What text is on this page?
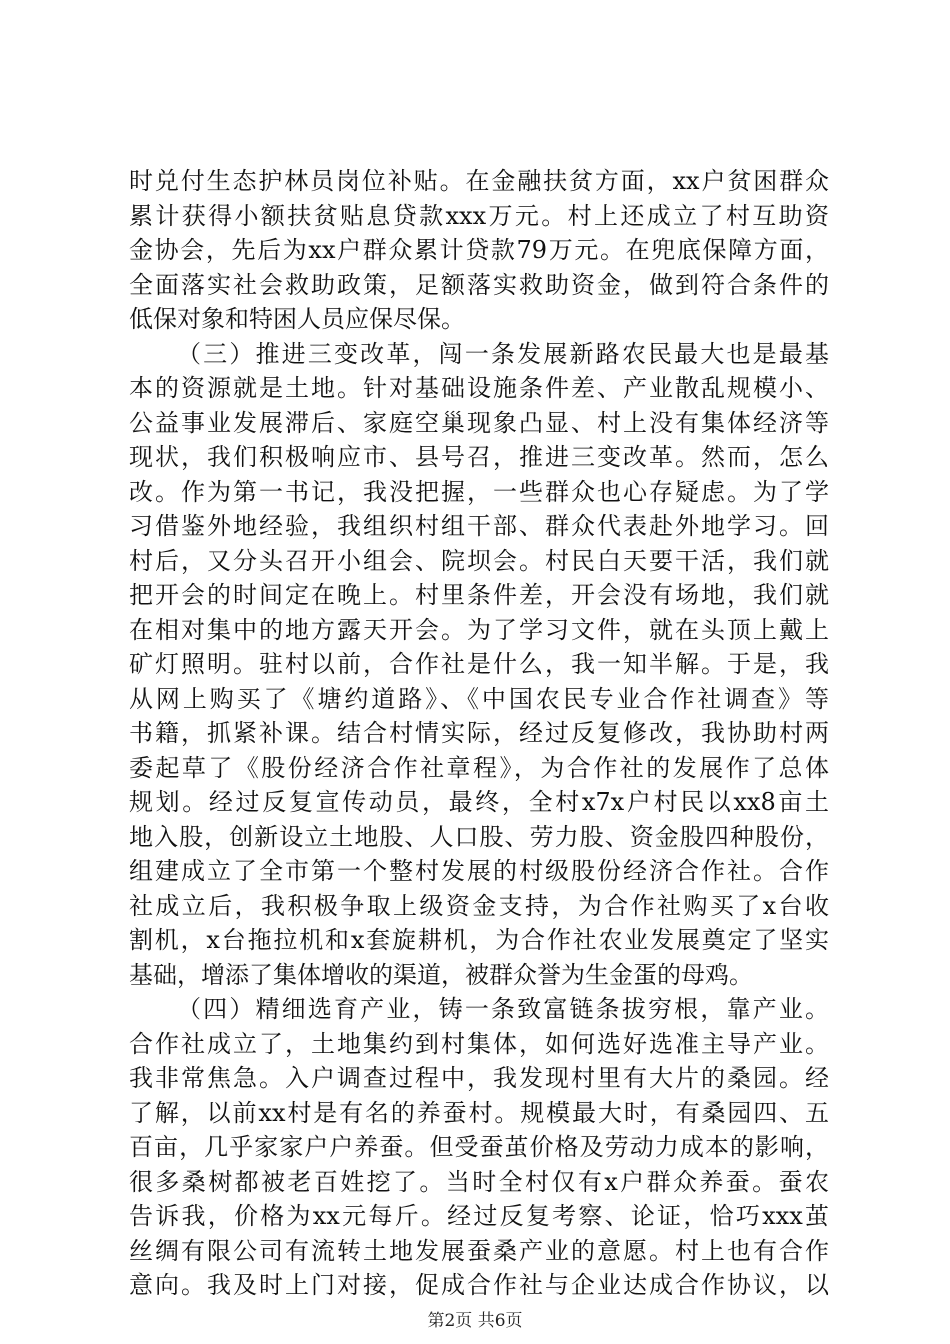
时兑付生态护林员岗位补贴。在金融扶贫方面，xx户贫困群众
累计获得小额扶贫贴息贷款xxx万元。村上还成立了村互助资
金协会，先后为xx户群众累计贷款79万元。在兜底保障方面，
全面落实社会救助政策，足额落实救助资金，做到符合条件的
低保对象和特困人员应保尽保。
（三）推进三变改革，闯一条发展新路农民最大也是最基
本的资源就是土地。针对基础设施条件差、产业散乱规模小、
公益事业发展滞后、家庭空巢现象凸显、村上没有集体经济等
现状，我们积极响应市、县号召，推进三变改革。然而，怎么
改。作为第一书记，我没把握，一些群众也心存疑虑。为了学
习借鉴外地经验，我组织村组干部、群众代表赴外地学习。回
村后，又分头召开小组会、院坝会。村民白天要干活，我们就
把开会的时间定在晚上。村里条件差，开会没有场地，我们就
在相对集中的地方露天开会。为了学习文件，就在头顶上戴上
矿灯照明。驻村以前，合作社是什么，我一知半解。于是，我
从网上购买了《塘约道路》、《中国农民专业合作社调查》等
书籍，抓紧补课。结合村情实际，经过反复修改，我协助村两
委起草了《股份经济合作社章程》，为合作社的发展作了总体
规划。经过反复宣传动员，最终，全村x7x户村民以xx8亩土
地入股，创新设立土地股、人口股、劳力股、资金股四种股份，
组建成立了全市第一个整村发展的村级股份经济合作社。合作
社成立后，我积极争取上级资金支持，为合作社购买了x台收
割机，x台拖拉机和x套旋耕机，为合作社农业发展奠定了坚实
基础，增添了集体增收的渠道，被群众誉为生金蛋的母鸡。
（四）精细选育产业，铸一条致富链条拔穷根，靠产业。
合作社成立了，土地集约到村集体，如何选好选准主导产业。
我非常焦急。入户调查过程中，我发现村里有大片的桑园。经
了解，以前xx村是有名的养蚕村。规模最大时，有桑园四、五
百亩，几乎家家户户养蚕。但受蚕茧价格及劳动力成本的影响，
很多桑树都被老百姓挖了。当时全村仅有x户群众养蚕。蚕农
告诉我，价格为xx元每斤。经过反复考察、论证，恰巧xxx茧
丝绸有限公司有流转土地发展蚕桑产业的意愿。村上也有合作
意向。我及时上门对接，促成合作社与企业达成合作协议，以
第2页 共6页
